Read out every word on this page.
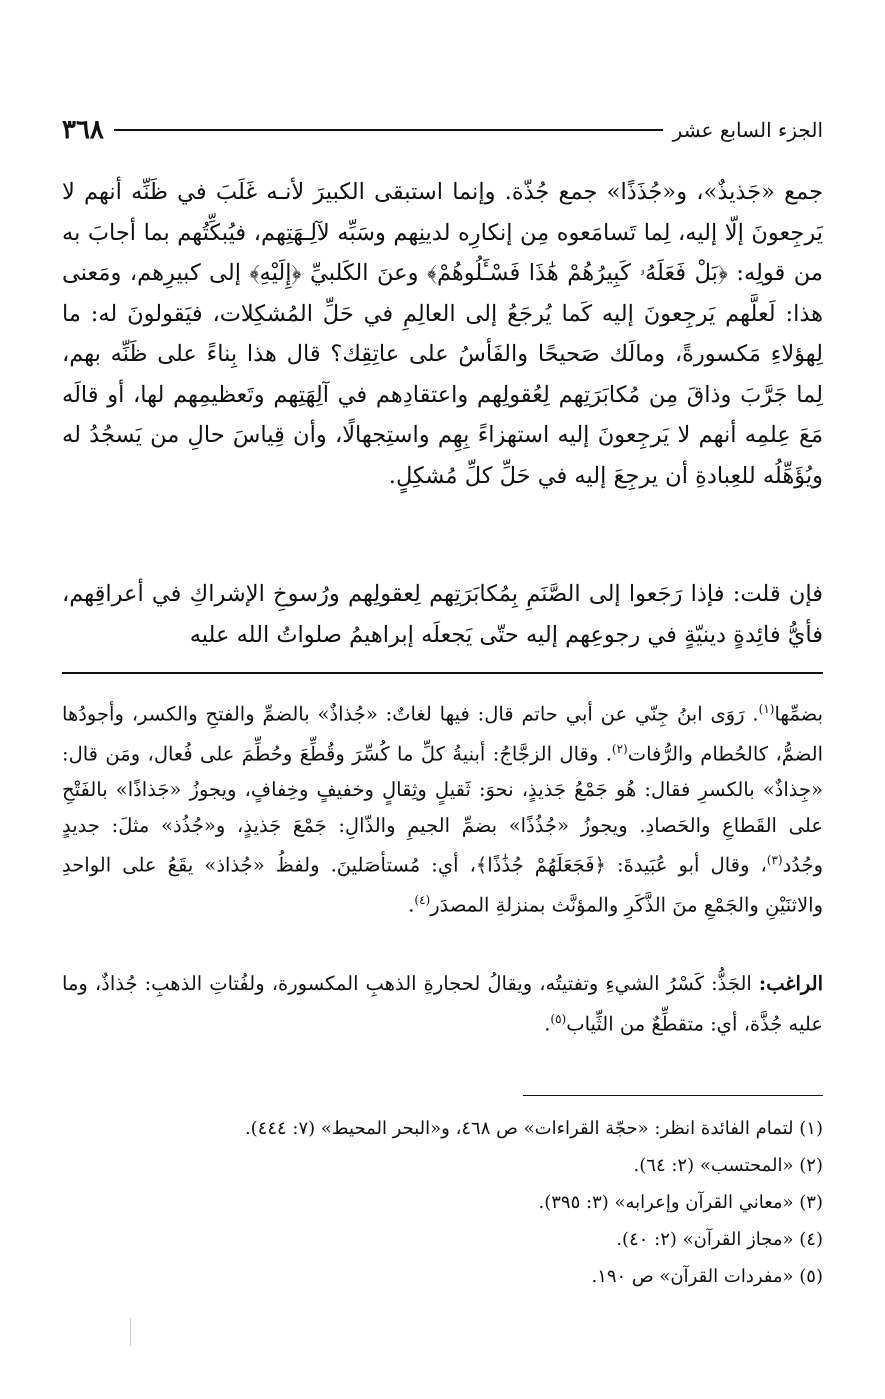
٣٦٨	الجزء السابع عشر

جمع «جَذيذٌ»، و«جُذَذًا» جمع جُذّة. وإنما استبقى الكبيرَ لأنـه غَلَبَ في ظَنِّه أنهم لا يَرجِعونَ إلّا إليه، لِما تَسامَعوه مِن إنكارِه لدينِهم وسَبِّه لآلِـهَتِهم، فيُبكِّتُهم بما أجابَ به من قولِه: ﴿بَلْ فَعَلَهُۥ كَبِيرُهُمْ هَٰذَا فَسْـَٔلُوهُمْ﴾ وعنَ الكَلبيِّ ﴿إِلَيْهِ﴾ إلى كبيرِهم، ومَعنى هذا: لَعلَّهم يَرجِعونَ إليه كَما يُرجَعُ إلى العالِمِ في حَلِّ المُشكِلات، فيَقولونَ له: ما لِهؤلاءِ مَكسورةً، ومالَك صَحيحًا والفَأسُ على عاتِقِك؟ قال هذا بِناءً على ظَنِّه بهم، لِما جَرَّبَ وذاقَ مِن مُكابَرَتِهم لِعُقولِهم واعتقادِهم في آلِهَتِهم وتَعظيمِهم لها، أو قالَه مَعَ عِلمِه أنهم لا يَرجِعونَ إليه استهزاءً بِهِم واستِجهالًا، وأن قِياسَ حالِ من يَسجُدُ له ويُؤَهِّلُه للعِبادةِ أن يرجِعَ إليه في حَلِّ كلِّ مُشكِلٍ.

فإن قلت: فإذا رَجَعوا إلى الصَّنَمِ بِمُكابَرَتِهم لِعقولِهم ورُسوخِ الإشراكِ في أعراقِهم، فأيُّ فائِدةٍ دينيّةٍ في رجوعِهم إليه حتّى يَجعلَه إبراهيمُ صلواتُ الله عليه

بضمِّها$^{(١)}$. رَوَى ابنُ جِنّي عن أبي حاتم قال: فيها لغاتٌ: «جُذاذٌ» بالضمِّ والفتحِ والكسر، وأجودُها الضمُّ، كالحُطام والرُّفات$^{(٢)}$. وقال الزجَّاجُ: أبنيةُ كلِّ ما كُسِّرَ وقُطِّعَ وحُطِّمَ على فُعال، ومَن قال: «جِذاذٌ» بالكسرِ فقال: هُو جَمْعُ جَذيذٍ، نحوَ: ثَقيلٍ وثِقالٍ وخفيفٍ وخِفافٍ، ويجوزُ «جَذاذًا» بالفَتْحِ على القَطاعِ والحَصادِ. ويجوزُ «جُذُذًا» بضمِّ الجيمِ والذّالِ: جَمْعَ جَذيذٍ، و«جُذُذ» مثلَ: جديدٍ وجُدُد$^{(٣)}$، وقال أبو عُبَيدةَ: ﴿فَجَعَلَهُمْ جُذَٰذًا﴾، أي: مُستأصَلينَ. ولفظُ «جُذاذ» يقَعُ على الواحدِ والاثنَيْنِ والجَمْعِ منَ الذَّكَرِ والمؤنَّث بمنزلةِ المصدَر$^{(٤)}$.

الراغب: الجَذُّ: كَسْرُ الشيءِ وتفتيتُه، ويقالُ لحجارةِ الذهبِ المكسورة، ولفُتاتِ الذهبِ: جُذاذٌ، وما عليه جُذَّة، أي: متقطِّعٌ من الثِّياب$^{(٥)}$.

(١) لتمام الفائدة انظر: «حجّة القراءات» ص ٤٦٨، و«البحر المحيط» (٧: ٤٤٤).

(٢) «المحتسب» (٢: ٦٤).

(٣) «معاني القرآن وإعرابه» (٣: ٣٩٥).

(٤) «مجاز القرآن» (٢: ٤٠).

(٥) «مفردات القرآن» ص ١٩٠.
